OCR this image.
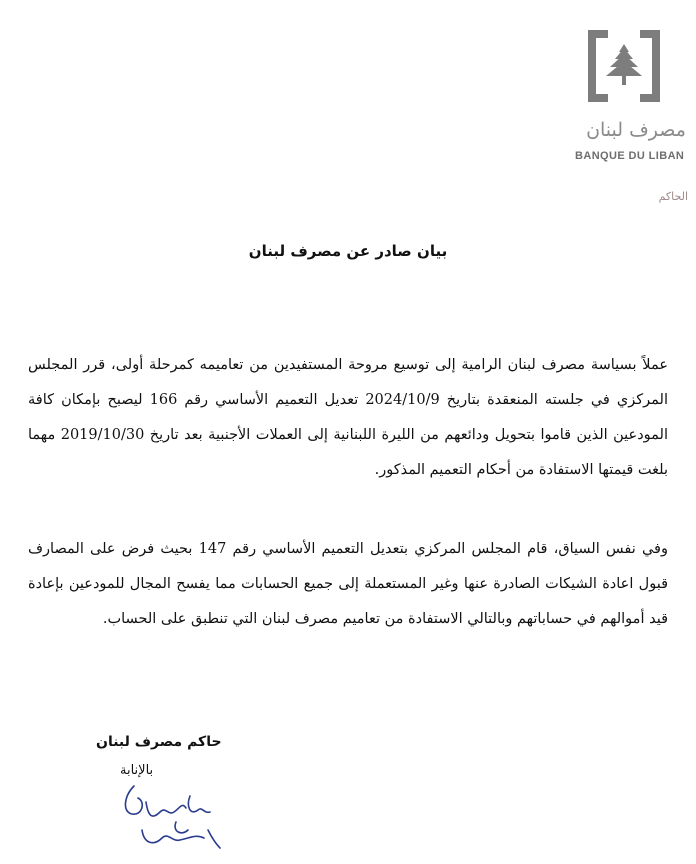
مصرف لبنان
BANQUE DU LIBAN
الحاكم
بيان صادر عن مصرف لبنان
عملاً بسياسة مصرف لبنان الرامية إلى توسيع مروحة المستفيدين من تعاميمه كمرحلة أولى، قرر المجلس المركزي في جلسته المنعقدة بتاريخ 2024/10/9 تعديل التعميم الأساسي رقم 166 ليصبح بإمكان كافة المودعين الذين قاموا بتحويل ودائعهم من الليرة اللبنانية إلى العملات الأجنبية بعد تاريخ 2019/10/30 مهما بلغت قيمتها الاستفادة من أحكام التعميم المذكور.
وفي نفس السياق، قام المجلس المركزي بتعديل التعميم الأساسي رقم 147 بحيث فرض على المصارف قبول اعادة الشيكات الصادرة عنها وغير المستعملة إلى جميع الحسابات مما يفسح المجال للمودعين بإعادة قيد أموالهم في حساباتهم وبالتالي الاستفادة من تعاميم مصرف لبنان التي تنطبق على الحساب.
حاكم مصرف لبنان
بالإنابة
